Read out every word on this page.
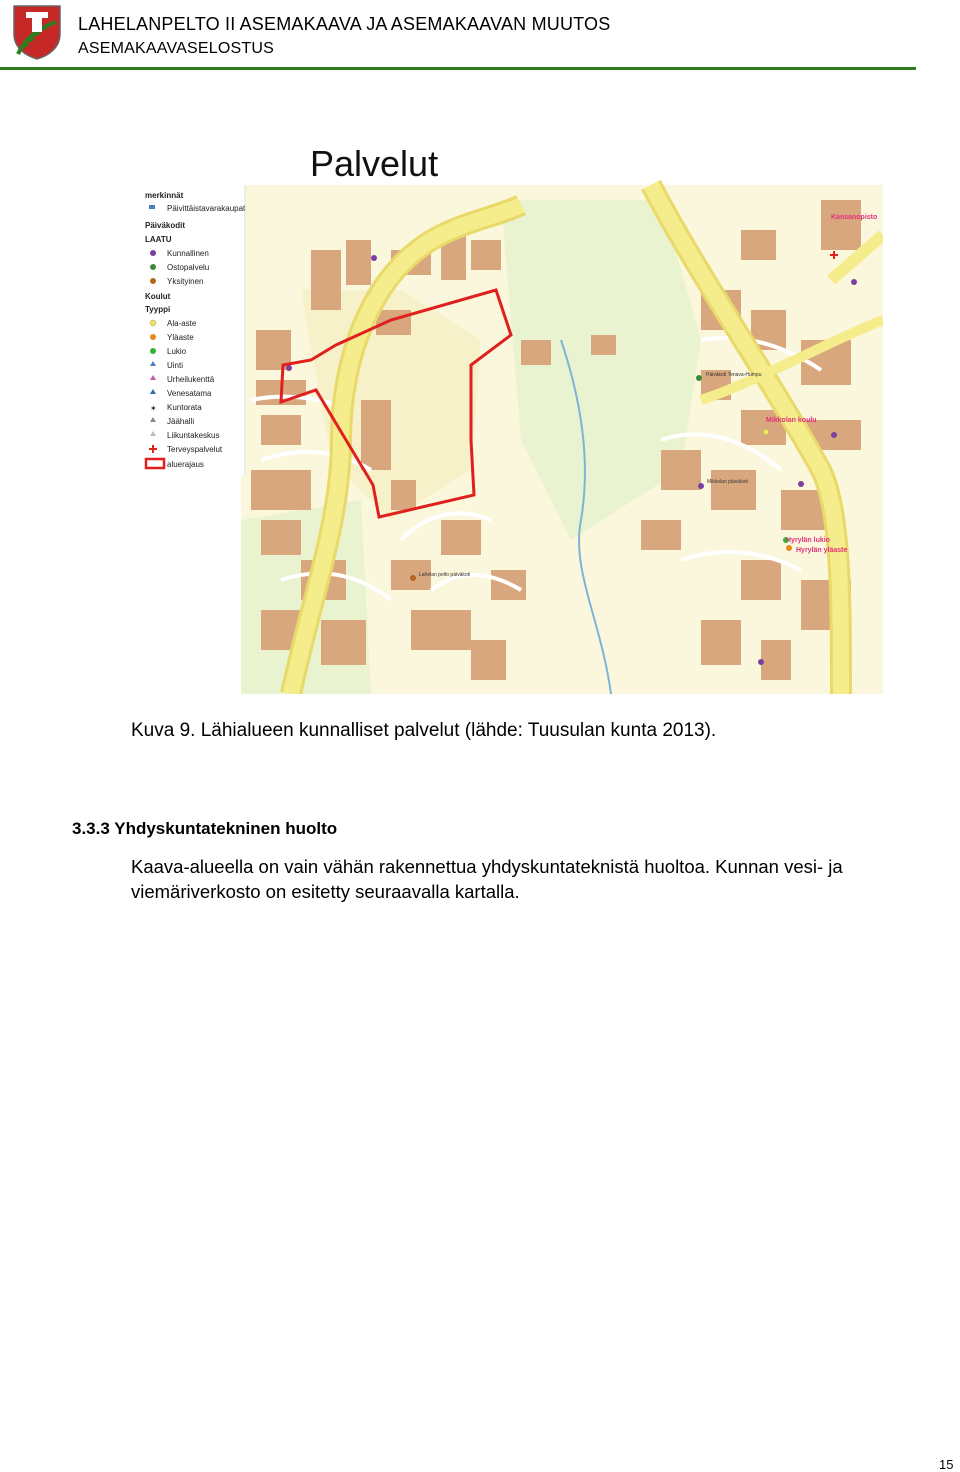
LAHELANPELTO II ASEMAKAAVA JA ASEMAKAAVAN MUUTOS
ASEMAKAAVASELOSTUS
merkinnät
Päivittäistavarakaupat
Päiväkodit
LAATU
Kunnallinen
Ostopalvelu
Yksityinen
Koulut
Tyyppi
Ala-aste
Yläaste
Lukio
Uinti
Urheilukenttä
Venesatama
✶ Kuntorata
Jäähalli
Liikuntakeskus
Terveyspalvelut
aluerajaus
Kansanopisto
Päiväkoti Tenava-Humpu
Mikkolan koulu
Hyrylän lukio
Hyrylän yläaste
Mikkolan päiväkoti
Lahelan pelto päiväkoti
Palvelut
Kuva 9. Lähialueen kunnalliset palvelut (lähde: Tuusulan kunta 2013).
3.3.3 Yhdyskuntatekninen huolto
Kaava-alueella on vain vähän rakennettua yhdyskuntateknistä huoltoa. Kunnan vesi- ja
viemäriverkosto on esitetty seuraavalla kartalla.
15
